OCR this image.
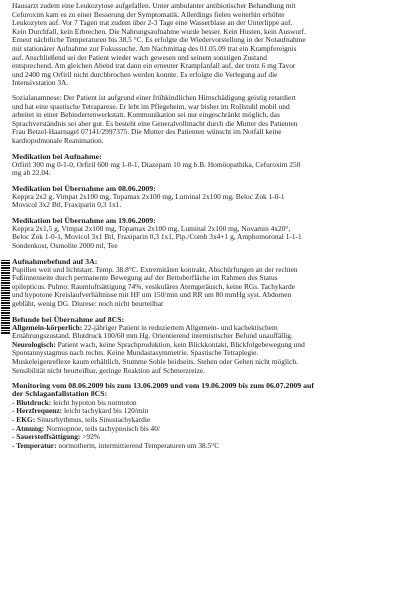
Hausarzt zudem eine Leukozytose aufgefallen. Unter ambulanter antibiotischer Behandlung mit
Cefuroxim kam es zu einer Besserung der Symptomatik. Allerdings fielen weiterhin erhöhte
Leukozyten auf. Vor 7 Tagen trat zudem über 2-3 Tage eine Wasserblase an der Unterlippe auf.
Kein Durchfall, kein Erbrechen. Die Nahrungsaufnahme wurde besser. Kein Husten, kein Auswurf.
Erneut nächtliche Temperaturen bis 38,5 °C. Es erfolgte die Wiedervorstellung in der Notaufnahme
mit stationärer Aufnahme zur Fokussuche. Am Nachmittag des 01.05.09 trat ein Krampfereignis
auf. Anschließend sei der Patient wieder wach gewesen und seinem sonstigen Zustand
entsprechend. Am gleichen Abend trat dann ein erneuter Krampfanfall auf, der trotz 6 mg Tavor
und 2400 mg Orfiril nicht durchbrochen werden konnte. Es erfolgte die Verlegung auf die
Intensivstation 3A.
Sozialanamnese: Der Patient ist aufgrund einer frühkindlichen Hirnschädigung geistig retardiert
und hat eine spastische Tetraparese. Er lebt im Pflegeheim, war bisher im Rollstuhl mobil und
arbeitet in einer Behindertenwerkstatt. Kommunikation sei nur eingeschränkt möglich, das
Sprachverständnis sei aber gut. Es besteht eine Generalvollmacht durch die Mutter des Patienten
Frau Betzel-Haarnagel 07141/2997375. Die Mutter des Patienten wünscht im Notfall keine
kardiopulmonale Reanimation.
Medikation bei Aufnahme:
Orfiril 300 mg 0-1-0, Orfiril 600 mg 1-0-1, Diazepam 10 mg b.B. Homöopathika, Cefuroxim 250
mg ab 22.04.
Medikation bei Übernahme am 08.06.2009:
Keppra 2x2 g, Vimpat 2x100 mg, Topamax 2x100 mg, Luminal 2x100 mg, Beloc Zok 1-0-1
Movicol 3x2 Btl, Fraxiparin 0,3 1x1.
Medikation bei Übernahme am 19.06.2009:
Keppra 2x1,5 g, Vimpat 2x100 mg, Topamax 2x100 mg, Luminal 2x100 mg, Novamin 4x20°,
Beloc Zok 1-0-1, Movicol 3x1 Btl, Fraxiparin 0,3 1x1, Pip./Comb 3x4+1 g, Amphomoronal 1-1-1
Sondenkost, Osmolite 2000 ml, Tee
Aufnahmebefund auf 3A:
Pupillen weit und lichtstarr. Temp. 38.8°C. Extremitäten kontrakt, Abschürfungen an der rechten
Fußinnenseite durch permanente Bewegung auf der Bettoberfläche im Rahmen des Status
epilepticus. Pulmo: Raumluftsättigung 74%, vesikuläres Atemgeräusch, keine RGs. Tachykarde
und hypotone Kreislaufverhältnisse mit HF um 150/min und RR um 80 mmHg syst. Abdomen
gebläht, wenig DG. Diurese: noch nicht beurteilbar
Befunde bei Übernahme auf 8CS:
Allgemein-körperlich: 22-jähriger Patient in reduziertem Allgemein- und kachektischem
Ernährungszustand. Blutdruck 100/60 mm Hg. Orientierend internistischer Befund unauffällig.
Neurologisch: Patient wach, keine Sprachproduktion, kein Blickkontakt, Blickfolgebewegung und
Spontannystagmus nach rechts. Keine Mundastasymmetrie. Spastische Tetraplegie.
Muskeleigenreflexe kaum erhältlich, Stumme Sohle beidseits. Stehen oder Gehen nicht möglich.
Sensibilität nicht beurteilbar, geringe Reaktion auf Schmerzreize.
Monitoring vom 08.06.2009 bis zum 13.06.2009 und vom 19.06.2009 bis zum 06.07.2009 auf
der Schlaganfallstation 8CS:
- Blutdruck: leicht hypoton bis normoton
- Herzfrequenz: leicht tachykard bis 120/min
- EKG: Sinusrhythmus, teils Sinustachykardie
- Atmung: Normopnoe, teils tachypnoisch bis 40/
- Sauerstoffsättigung: >92%
- Temperatur: normotherm, intermittierend Temperaturen um 38.5°C
